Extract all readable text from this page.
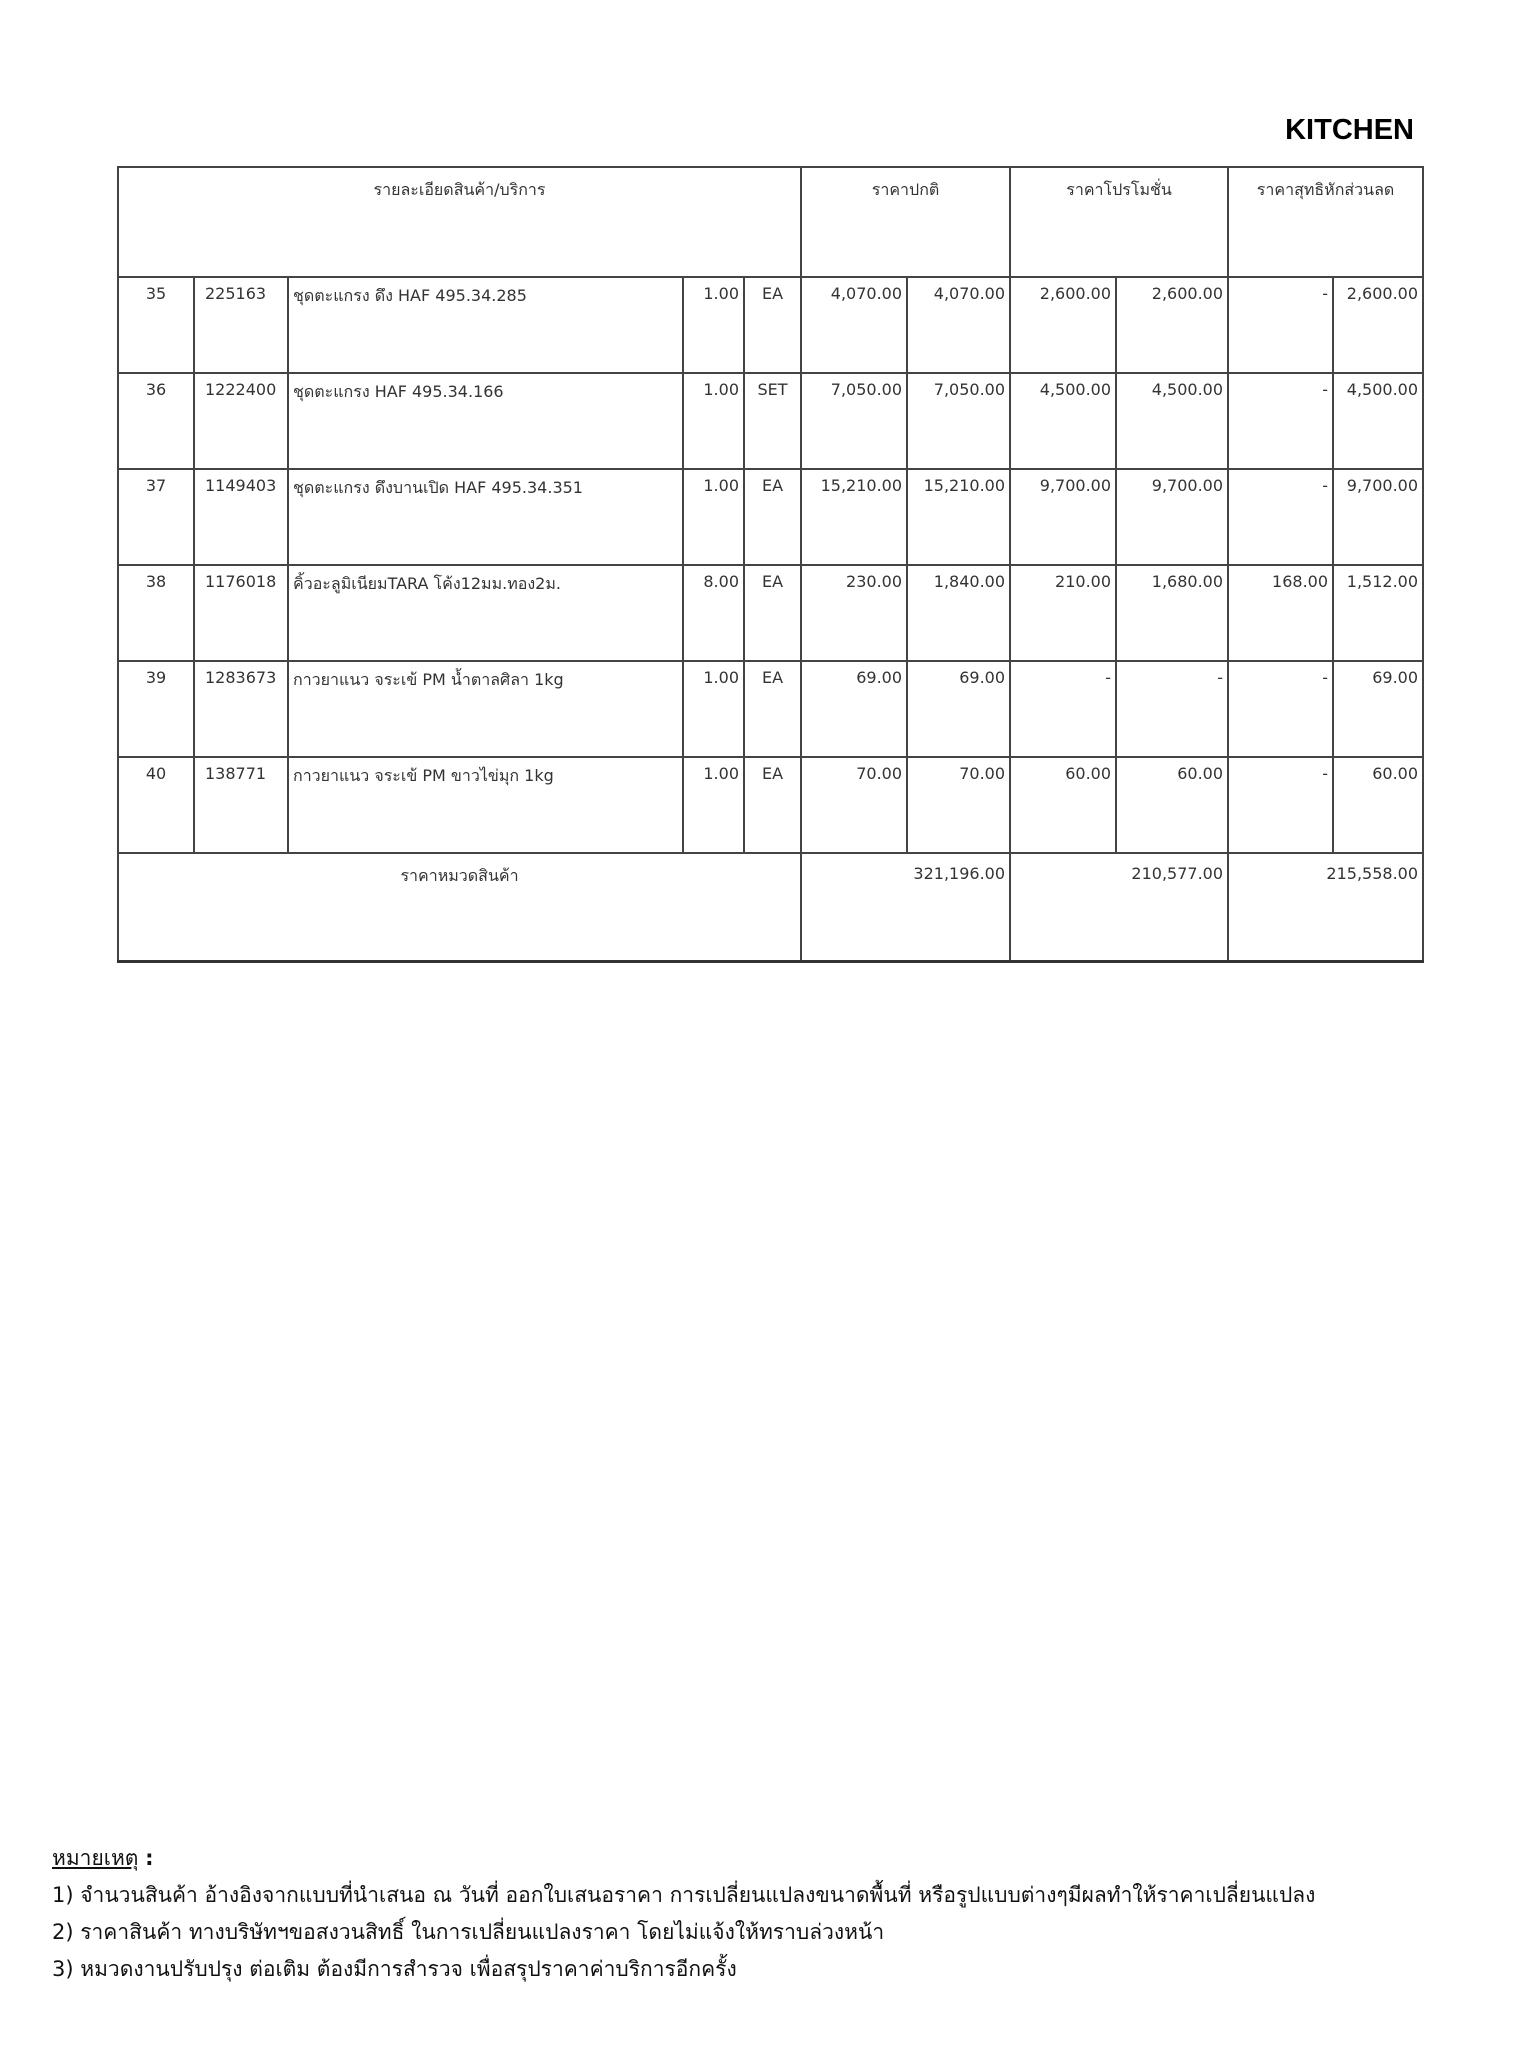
KITCHEN
รายละเอียดสินค้า/บริการ					ราคาปกติ		ราคาโปรโมชั่น		ราคาสุทธิหักส่วนลด	
35	225163	ชุดตะแกรง ดึง HAF 495.34.285	1.00	EA	4,070.00	4,070.00	2,600.00	2,600.00	-	2,600.00
36	1222400	ชุดตะแกรง HAF 495.34.166	1.00	SET	7,050.00	7,050.00	4,500.00	4,500.00	-	4,500.00
37	1149403	ชุดตะแกรง ดึงบานเปิด HAF 495.34.351	1.00	EA	15,210.00	15,210.00	9,700.00	9,700.00	-	9,700.00
38	1176018	คิ้วอะลูมิเนียมTARA โค้ง12มม.ทอง2ม.	8.00	EA	230.00	1,840.00	210.00	1,680.00	168.00	1,512.00
39	1283673	กาวยาแนว จระเข้ PM น้ำตาลศิลา 1kg	1.00	EA	69.00	69.00	-	-	-	69.00
40	138771	กาวยาแนว จระเข้ PM ขาวไข่มุก 1kg	1.00	EA	70.00	70.00	60.00	60.00	-	60.00
ราคาหมวดสินค้า					321,196.00		210,577.00		215,558.00	
หมายเหตุ :
1) จำนวนสินค้า อ้างอิงจากแบบที่นำเสนอ ณ วันที่ ออกใบเสนอราคา การเปลี่ยนแปลงขนาดพื้นที่ หรือรูปแบบต่างๆมีผลทำให้ราคาเปลี่ยนแปลง
2) ราคาสินค้า ทางบริษัทฯขอสงวนสิทธิ์ ในการเปลี่ยนแปลงราคา โดยไม่แจ้งให้ทราบล่วงหน้า
3) หมวดงานปรับปรุง ต่อเติม ต้องมีการสำรวจ เพื่อสรุปราคาค่าบริการอีกครั้ง
